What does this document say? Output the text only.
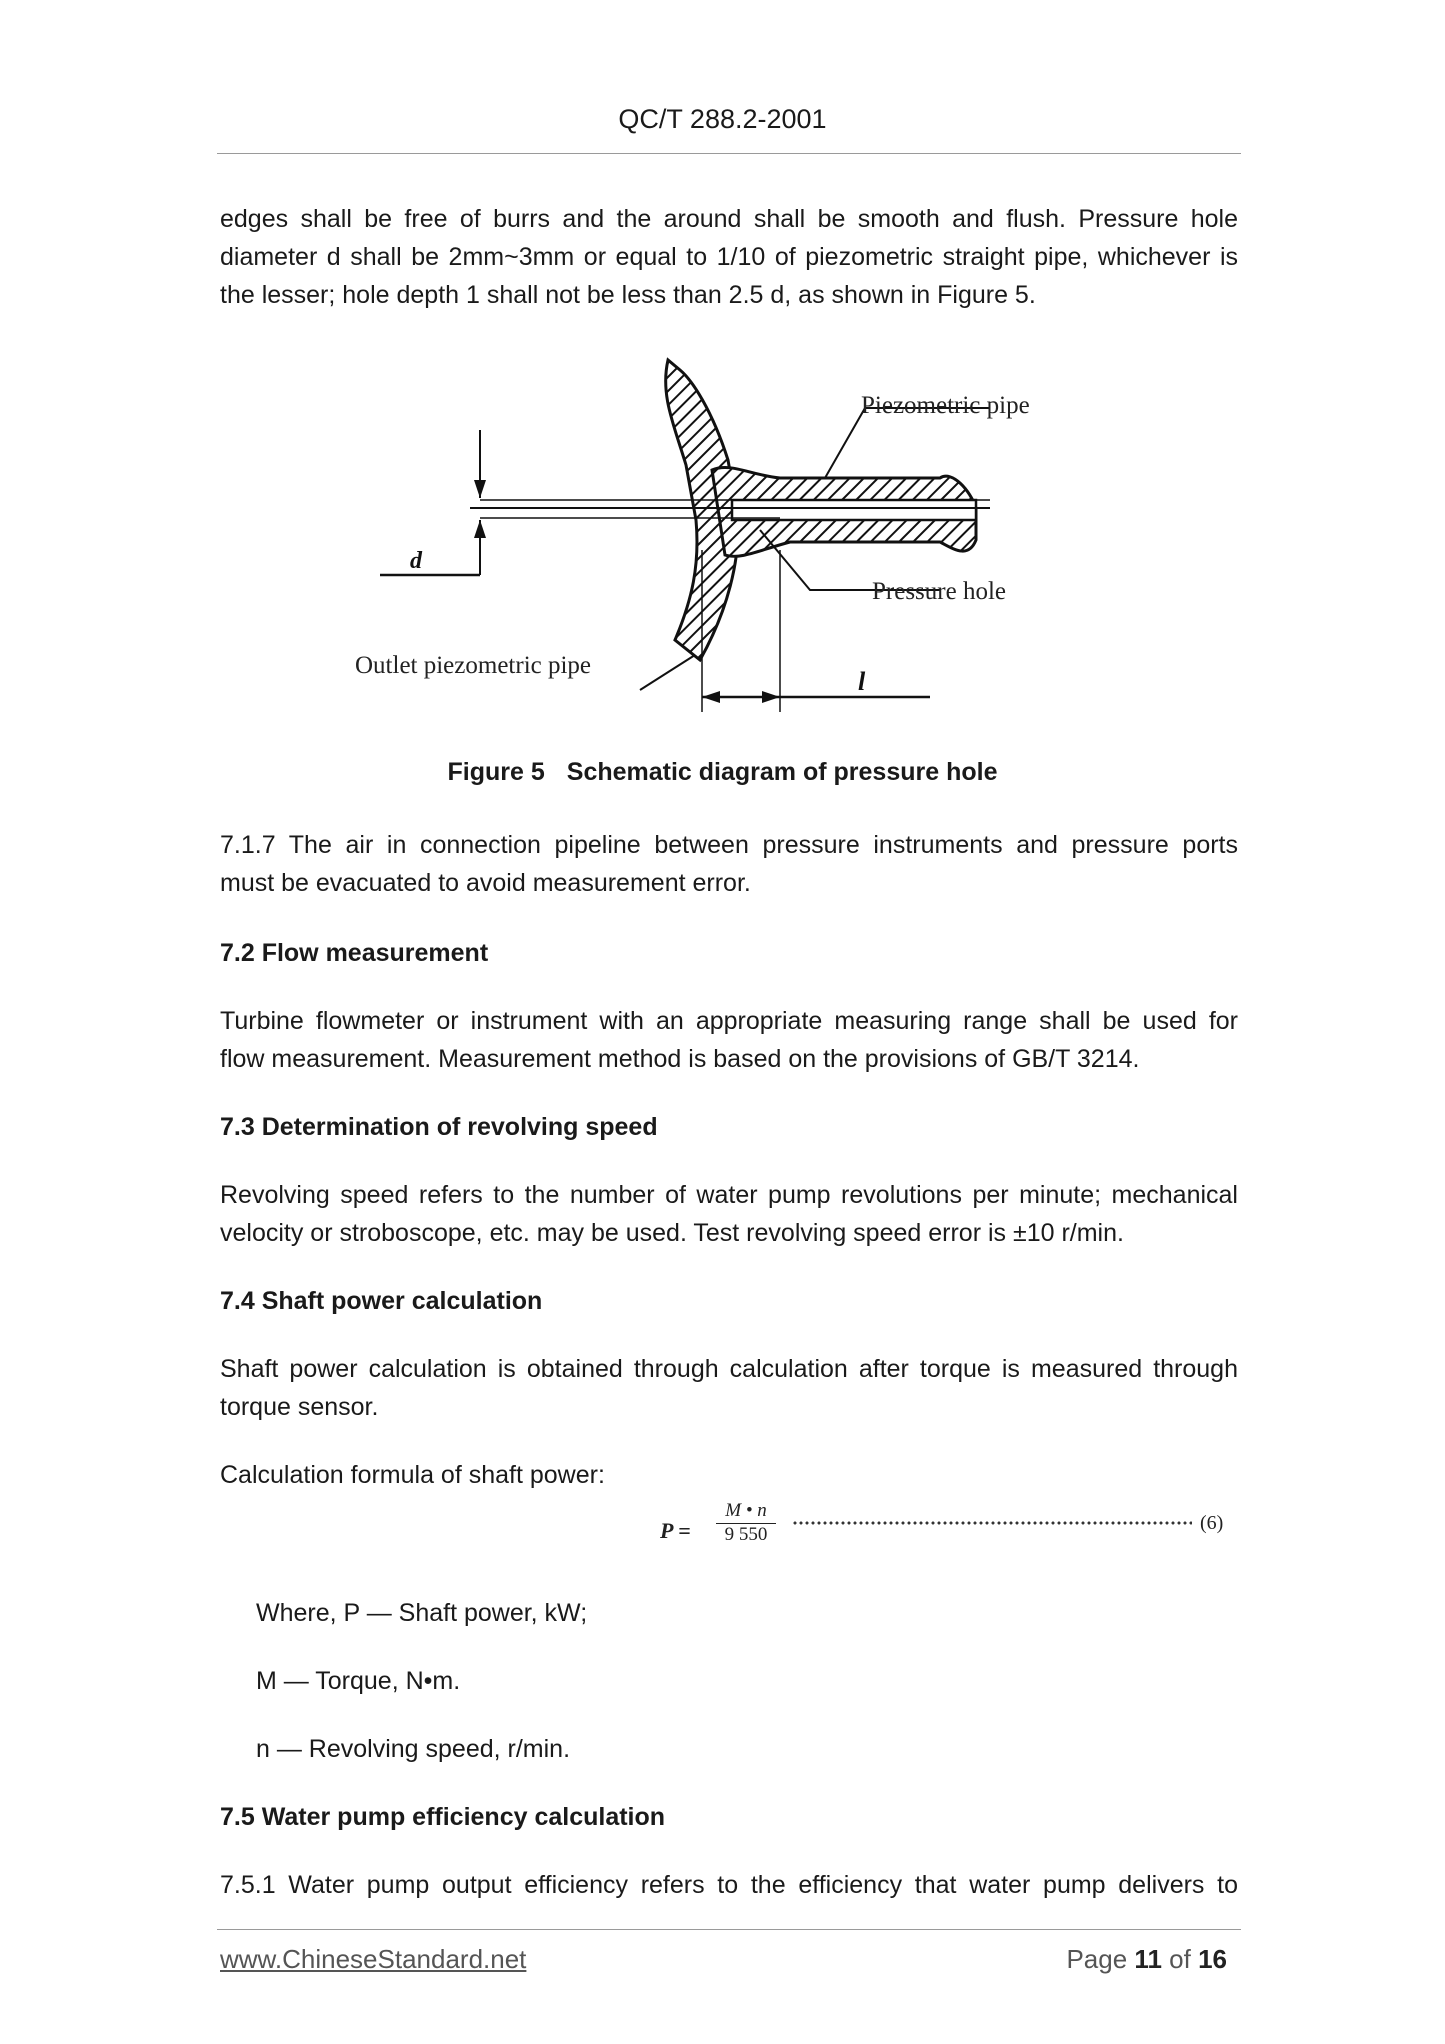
QC/T 288.2-2001
edges shall be free of burrs and the around shall be smooth and flush. Pressure hole
diameter d shall be 2mm~3mm or equal to 1/10 of piezometric straight pipe, whichever is
the lesser; hole depth 1 shall not be less than 2.5 d, as shown in Figure 5.
d
l
Piezometric pipe
Pressure hole
Outlet piezometric pipe
Figure 5 Schematic diagram of pressure hole
7.1.7 The air in connection pipeline between pressure instruments and pressure ports
must be evacuated to avoid measurement error.
7.2 Flow measurement
Turbine flowmeter or instrument with an appropriate measuring range shall be used for
flow measurement. Measurement method is based on the provisions of GB/T 3214.
7.3 Determination of revolving speed
Revolving speed refers to the number of water pump revolutions per minute; mechanical
velocity or stroboscope, etc. may be used. Test revolving speed error is ±10 r/min.
7.4 Shaft power calculation
Shaft power calculation is obtained through calculation after torque is measured through
torque sensor.
Calculation formula of shaft power:
$P = \frac{M • n}{9 550}$	(6)
Where, P — Shaft power, kW;
M — Torque, N•m.
n — Revolving speed, r/min.
7.5 Water pump efficiency calculation
7.5.1 Water pump output efficiency refers to the efficiency that water pump delivers to
www.ChineseStandard.net	Page 11 of 16
